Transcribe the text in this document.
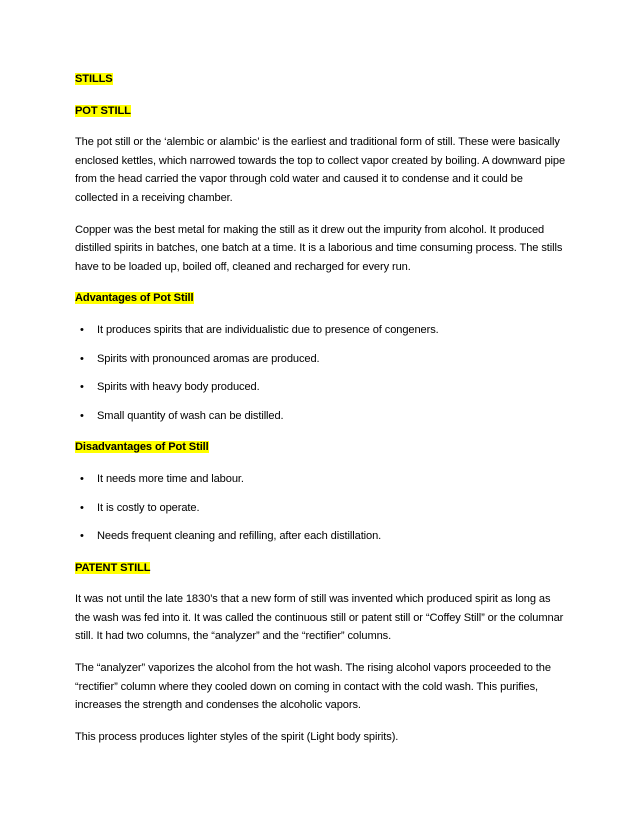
STILLS
POT STILL

The pot still or the ‘alembic or alambic’ is the earliest and traditional form of still. These were basically enclosed kettles, which narrowed towards the top to collect vapor created by boiling. A downward pipe from the head carried the vapor through cold water and caused it to condense and it could be collected in a receiving chamber.

Copper was the best metal for making the still as it drew out the impurity from alcohol. It produced distilled spirits in batches, one batch at a time. It is a laborious and time consuming process. The stills have to be loaded up, boiled off, cleaned and recharged for every run.

Advantages of Pot Still
• It produces spirits that are individualistic due to presence of congeners.
• Spirits with pronounced aromas are produced.
• Spirits with heavy body produced.
• Small quantity of wash can be distilled.
Disadvantages of Pot Still
• It needs more time and labour.
• It is costly to operate.
• Needs frequent cleaning and refilling, after each distillation.
PATENT STILL

It was not until the late 1830’s that a new form of still was invented which produced spirit as long as the wash was fed into it. It was called the continuous still or patent still or “Coffey Still” or the columnar still. It had two columns, the “analyzer” and the “rectifier” columns.

The “analyzer” vaporizes the alcohol from the hot wash. The rising alcohol vapors proceeded to the “rectifier” column where they cooled down on coming in contact with the cold wash. This purifies, increases the strength and condenses the alcoholic vapors.

This process produces lighter styles of the spirit (Light body spirits).
